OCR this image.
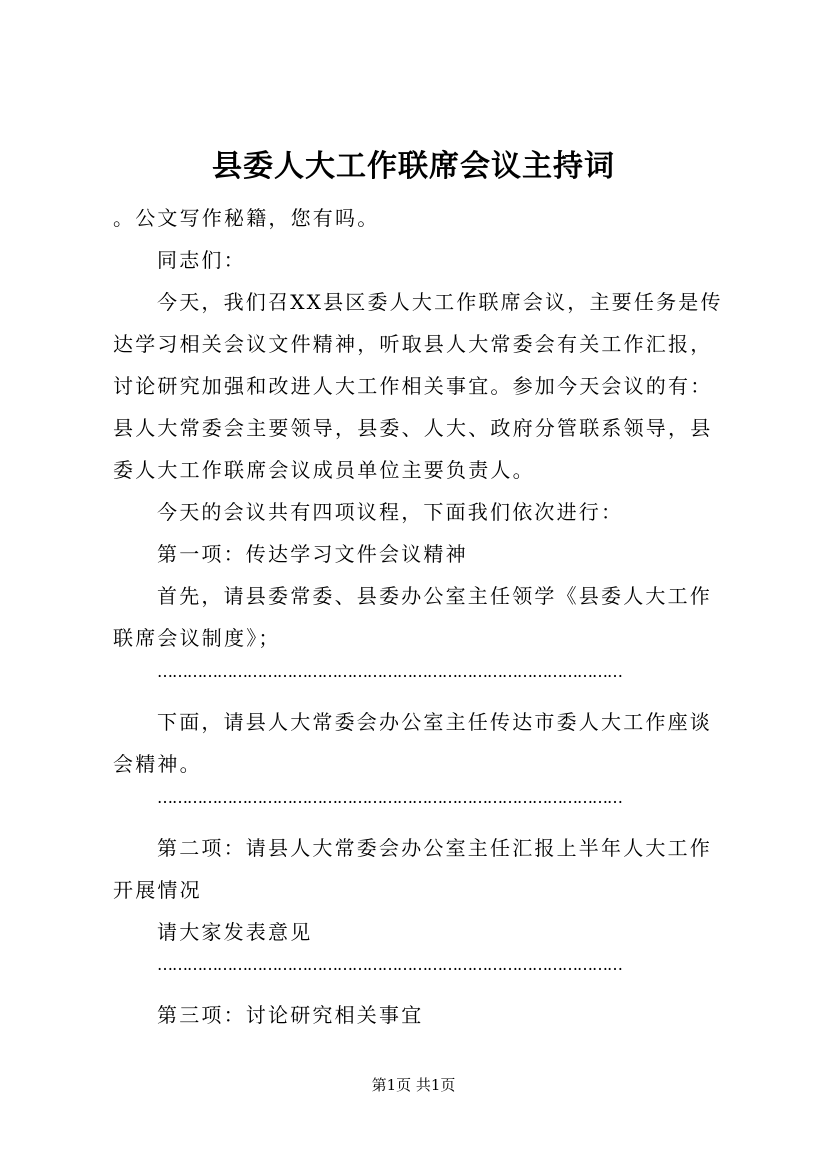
县委人大工作联席会议主持词
。公文写作秘籍，您有吗。
同志们：
今天，我们召XX县区委人大工作联席会议，主要任务是传达学习相关会议文件精神，听取县人大常委会有关工作汇报，讨论研究加强和改进人大工作相关事宜。参加今天会议的有：县人大常委会主要领导，县委、人大、政府分管联系领导，县委人大工作联席会议成员单位主要负责人。
今天的会议共有四项议程，下面我们依次进行：
第一项：传达学习文件会议精神
首先，请县委常委、县委办公室主任领学《县委人大工作联席会议制度》；
…………………………………………………………………………………
下面，请县人大常委会办公室主任传达市委人大工作座谈会精神。
…………………………………………………………………………………
第二项：请县人大常委会办公室主任汇报上半年人大工作开展情况
请大家发表意见
…………………………………………………………………………………
第三项：讨论研究相关事宜
第1页 共1页
